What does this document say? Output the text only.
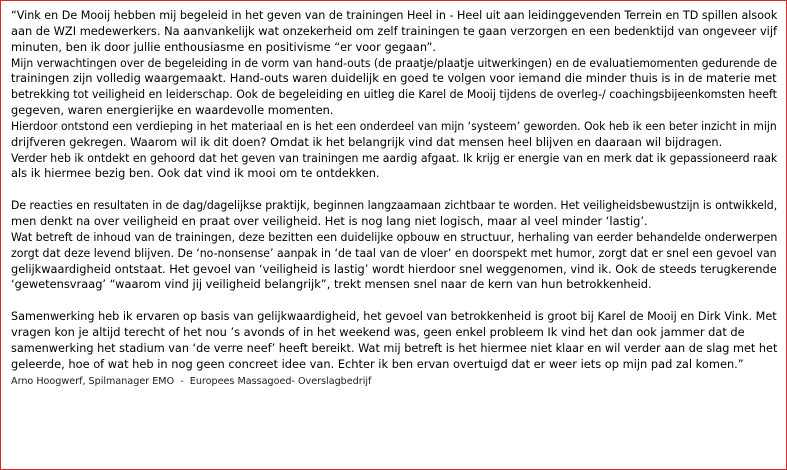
“Vink en De Mooij hebben mij begeleid in het geven van de trainingen Heel in - Heel uit aan leidinggevenden Terrein en TD spillen alsook
aan de WZI medewerkers. Na aanvankelijk wat onzekerheid om zelf trainingen te gaan verzorgen en een bedenktijd van ongeveer vijf
minuten, ben ik door jullie enthousiasme en positivisme “er voor gegaan”.
Mijn verwachtingen over de begeleiding in de vorm van hand-outs (de praatje/plaatje uitwerkingen) en de evaluatiemomenten gedurende de
trainingen zijn volledig waargemaakt. Hand-outs waren duidelijk en goed te volgen voor iemand die minder thuis is in de materie met
betrekking tot veiligheid en leiderschap. Ook de begeleiding en uitleg die Karel de Mooij tijdens de overleg-/ coachingsbijeenkomsten heeft
gegeven, waren energierijke en waardevolle momenten.
Hierdoor ontstond een verdieping in het materiaal en is het een onderdeel van mijn ‘systeem’ geworden. Ook heb ik een beter inzicht in mijn
drijfveren gekregen. Waarom wil ik dit doen? Omdat ik het belangrijk vind dat mensen heel blijven en daaraan wil bijdragen.
Verder heb ik ontdekt en gehoord dat het geven van trainingen me aardig afgaat. Ik krijg er energie van en merk dat ik gepassioneerd raak
als ik hiermee bezig ben. Ook dat vind ik mooi om te ontdekken.

De reacties en resultaten in de dag/dagelijkse praktijk, beginnen langzaamaan zichtbaar te worden. Het veiligheidsbewustzijn is ontwikkeld,
men denkt na over veiligheid en praat over veiligheid. Het is nog lang niet logisch, maar al veel minder ‘lastig’.
Wat betreft de inhoud van de trainingen, deze bezitten een duidelijke opbouw en structuur, herhaling van eerder behandelde onderwerpen
zorgt dat deze levend blijven. De ‘no-nonsense’ aanpak in ‘de taal van de vloer’ en doorspekt met humor, zorgt dat er snel een gevoel van
gelijkwaardigheid ontstaat. Het gevoel van ‘veiligheid is lastig’ wordt hierdoor snel weggenomen, vind ik. Ook de steeds terugkerende
‘gewetensvraag’ “waarom vind jij veiligheid belangrijk”, trekt mensen snel naar de kern van hun betrokkenheid.

Samenwerking heb ik ervaren op basis van gelijkwaardigheid, het gevoel van betrokkenheid is groot bij Karel de Mooij en Dirk Vink. Met
vragen kon je altijd terecht of het nou ’s avonds of in het weekend was, geen enkel probleem Ik vind het dan ook jammer dat de
samenwerking het stadium van ‘de verre neef’ heeft bereikt. Wat mij betreft is het hiermee niet klaar en wil verder aan de slag met het
geleerde, hoe of wat heb in nog geen concreet idee van. Echter ik ben ervan overtuigd dat er weer iets op mijn pad zal komen.”

Arno Hoogwerf, Spilmanager EMO  -  Europees Massagoed- Overslagbedrijf
